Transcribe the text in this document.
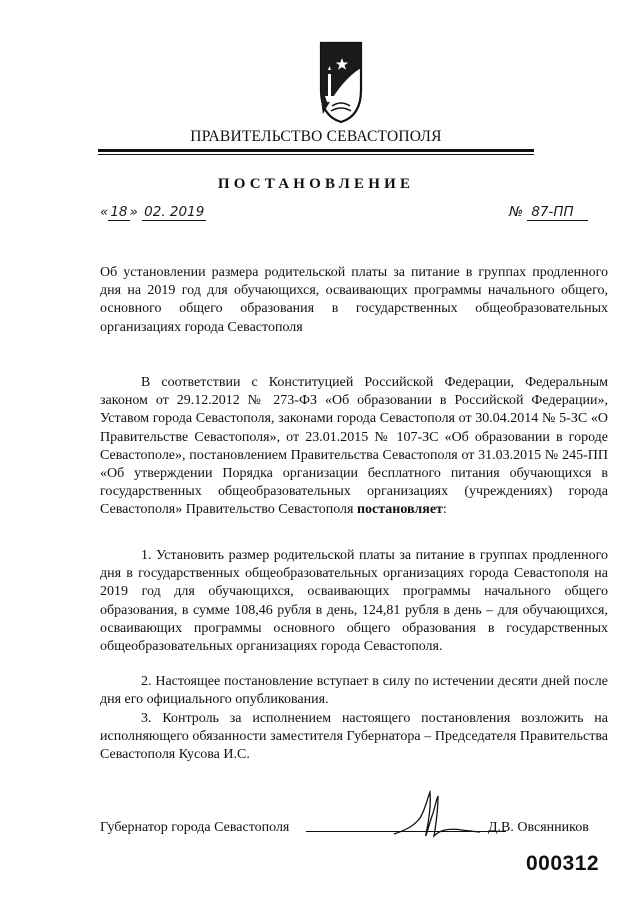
ПРАВИТЕЛЬСТВО СЕВАСТОПОЛЯ
ПОСТАНОВЛЕНИЕ
« 18 » 02. 2019	№ 87-ПП

Об установлении размера родительской платы за питание в группах продленного дня на 2019 год для обучающихся, осваивающих программы начального общего, основного общего образования в государственных общеобразовательных организациях города Севастополя

В соответствии с Конституцией Российской Федерации, Федеральным законом от 29.12.2012 № 273-ФЗ «Об образовании в Российской Федерации», Уставом города Севастополя, законами города Севастополя от 30.04.2014 № 5-ЗС «О Правительстве Севастополя», от 23.01.2015 № 107-ЗС «Об образовании в городе Севастополе», постановлением Правительства Севастополя от 31.03.2015 № 245-ПП «Об утверждении Порядка организации бесплатного питания обучающихся в государственных общеобразовательных организациях (учреждениях) города Севастополя» Правительство Севастополя постановляет:

1. Установить размер родительской платы за питание в группах продленного дня в государственных общеобразовательных организациях города Севастополя на 2019 год для обучающихся, осваивающих программы начального общего образования, в сумме 108,46 рубля в день, 124,81 рубля в день – для обучающихся, осваивающих программы основного общего образования в государственных общеобразовательных организациях города Севастополя.

2. Настоящее постановление вступает в силу по истечении десяти дней после дня его официального опубликования.

3. Контроль за исполнением настоящего постановления возложить на исполняющего обязанности заместителя Губернатора – Председателя Правительства Севастополя Кусова И.С.

Губернатор города Севастополя	Д.В. Овсянников
000312
